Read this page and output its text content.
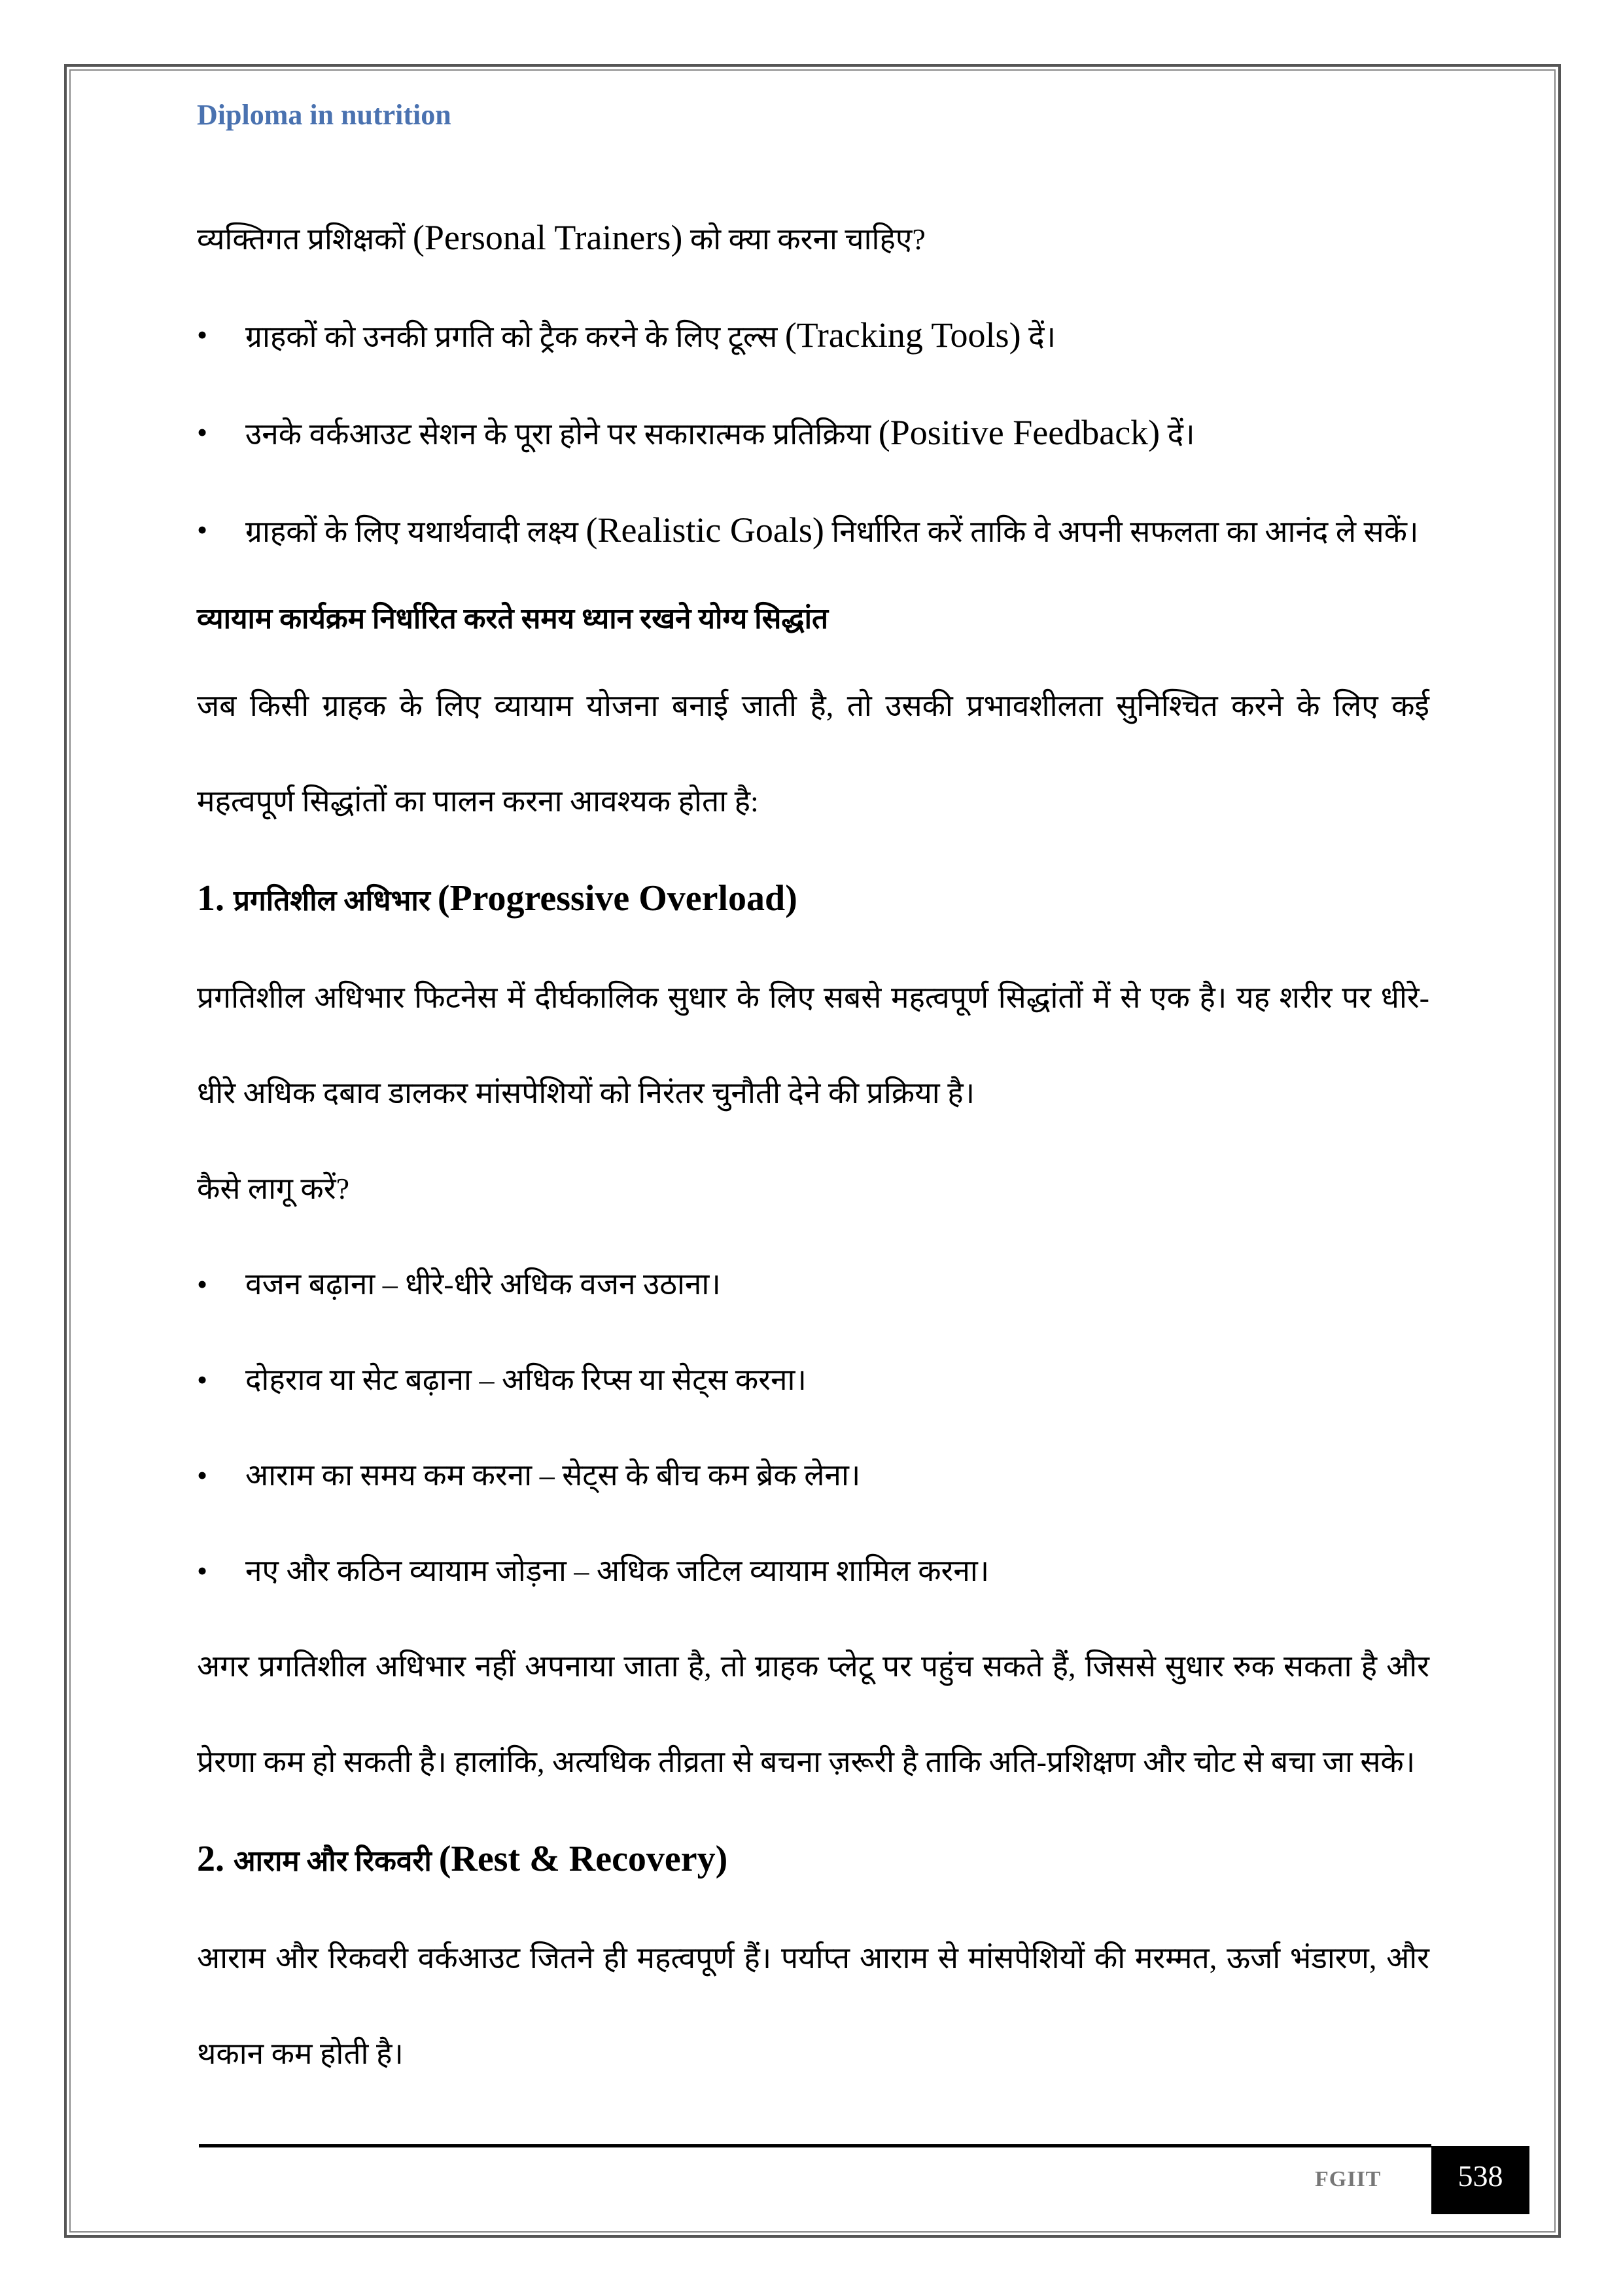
Diploma in nutrition

व्यक्तिगत प्रशिक्षकों (Personal Trainers) को क्या करना चाहिए?

• ग्राहकों को उनकी प्रगति को ट्रैक करने के लिए टूल्स (Tracking Tools) दें।

• उनके वर्कआउट सेशन के पूरा होने पर सकारात्मक प्रतिक्रिया (Positive Feedback) दें।

• ग्राहकों के लिए यथार्थवादी लक्ष्य (Realistic Goals) निर्धारित करें ताकि वे अपनी सफलता का आनंद ले सकें।

व्यायाम कार्यक्रम निर्धारित करते समय ध्यान रखने योग्य सिद्धांत

जब किसी ग्राहक के लिए व्यायाम योजना बनाई जाती है, तो उसकी प्रभावशीलता सुनिश्चित करने के लिए कई महत्वपूर्ण सिद्धांतों का पालन करना आवश्यक होता है:

1. प्रगतिशील अधिभार (Progressive Overload)

प्रगतिशील अधिभार फिटनेस में दीर्घकालिक सुधार के लिए सबसे महत्वपूर्ण सिद्धांतों में से एक है। यह शरीर पर धीरे-धीरे अधिक दबाव डालकर मांसपेशियों को निरंतर चुनौती देने की प्रक्रिया है।

कैसे लागू करें?

• वजन बढ़ाना – धीरे-धीरे अधिक वजन उठाना।

• दोहराव या सेट बढ़ाना – अधिक रिप्स या सेट्स करना।

• आराम का समय कम करना – सेट्स के बीच कम ब्रेक लेना।

• नए और कठिन व्यायाम जोड़ना – अधिक जटिल व्यायाम शामिल करना।

अगर प्रगतिशील अधिभार नहीं अपनाया जाता है, तो ग्राहक प्लेटू पर पहुंच सकते हैं, जिससे सुधार रुक सकता है और प्रेरणा कम हो सकती है। हालांकि, अत्यधिक तीव्रता से बचना ज़रूरी है ताकि अति-प्रशिक्षण और चोट से बचा जा सके।

2. आराम और रिकवरी (Rest & Recovery)

आराम और रिकवरी वर्कआउट जितने ही महत्वपूर्ण हैं। पर्याप्त आराम से मांसपेशियों की मरम्मत, ऊर्जा भंडारण, और थकान कम होती है।

FGIIT	538
